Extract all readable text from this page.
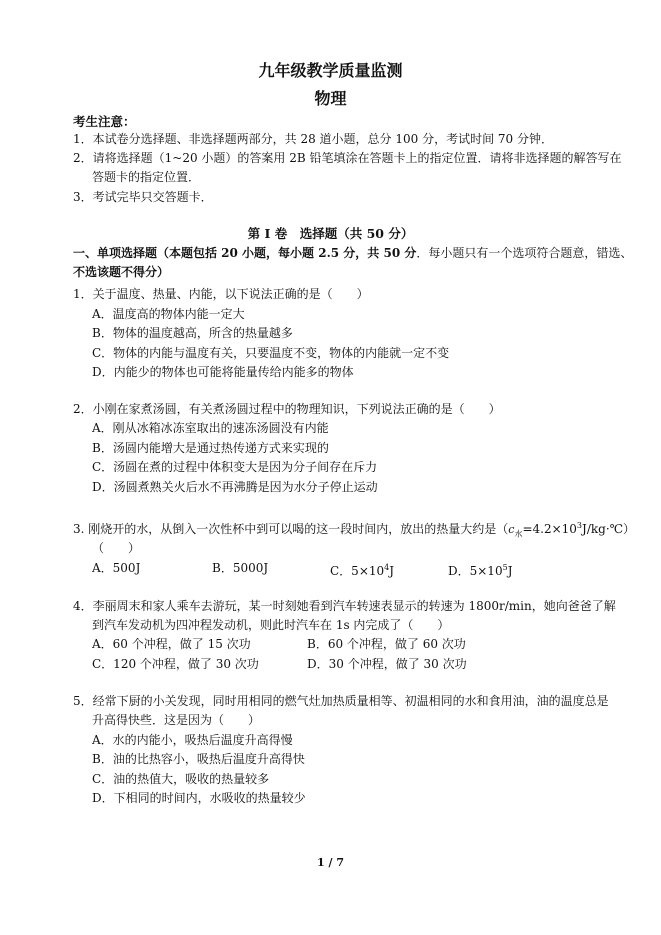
九年级教学质量监测
物理
考生注意：
1．本试卷分选择题、非选择题两部分，共 28 道小题，总分 100 分，考试时间 70 分钟．
2．请将选择题（1~20 小题）的答案用 2B 铅笔填涂在答题卡上的指定位置．请将非选择题的解答写在
答题卡的指定位置．
3．考试完毕只交答题卡．
第 I 卷　选择题（共 50 分）
一、单项选择题（本题包括 20 小题，每小题 2.5 分，共 50 分．每小题只有一个选项符合题意，错选、
不选该题不得分）
1．关于温度、热量、内能，以下说法正确的是（　　）
A．温度高的物体内能一定大
B．物体的温度越高，所含的热量越多
C．物体的内能与温度有关，只要温度不变，物体的内能就一定不变
D．内能少的物体也可能将能量传给内能多的物体
2．小刚在家煮汤圆，有关煮汤圆过程中的物理知识，下列说法正确的是（　　）
A．刚从冰箱冰冻室取出的速冻汤圆没有内能
B．汤圆内能增大是通过热传递方式来实现的
C．汤圆在煮的过程中体积变大是因为分子间存在斥力
D．汤圆煮熟关火后水不再沸腾是因为水分子停止运动
3. 刚烧开的水，从倒入一次性杯中到可以喝的这一段时间内，放出的热量大约是$(c_水=4.2\times 10^3J/kg\cdot℃)$
（　　）
A．500J	B．5000J	C．$5\times 10^4J$	D．$5\times 10^5J$
4．李丽周末和家人乘车去游玩，某一时刻她看到汽车转速表显示的转速为 1800r/min，她向爸爸了解
到汽车发动机为四冲程发动机，则此时汽车在 1s 内完成了（　　）
A．60 个冲程，做了 15 次功	B．60 个冲程，做了 60 次功
C．120 个冲程，做了 30 次功	D．30 个冲程，做了 30 次功
5．经常下厨的小关发现，同时用相同的燃气灶加热质量相等、初温相同的水和食用油，油的温度总是
升高得快些．这是因为（　　）
A．水的内能小，吸热后温度升高得慢
B．油的比热容小，吸热后温度升高得快
C．油的热值大，吸收的热量较多
D．下相同的时间内，水吸收的热量较少
1 / 7
